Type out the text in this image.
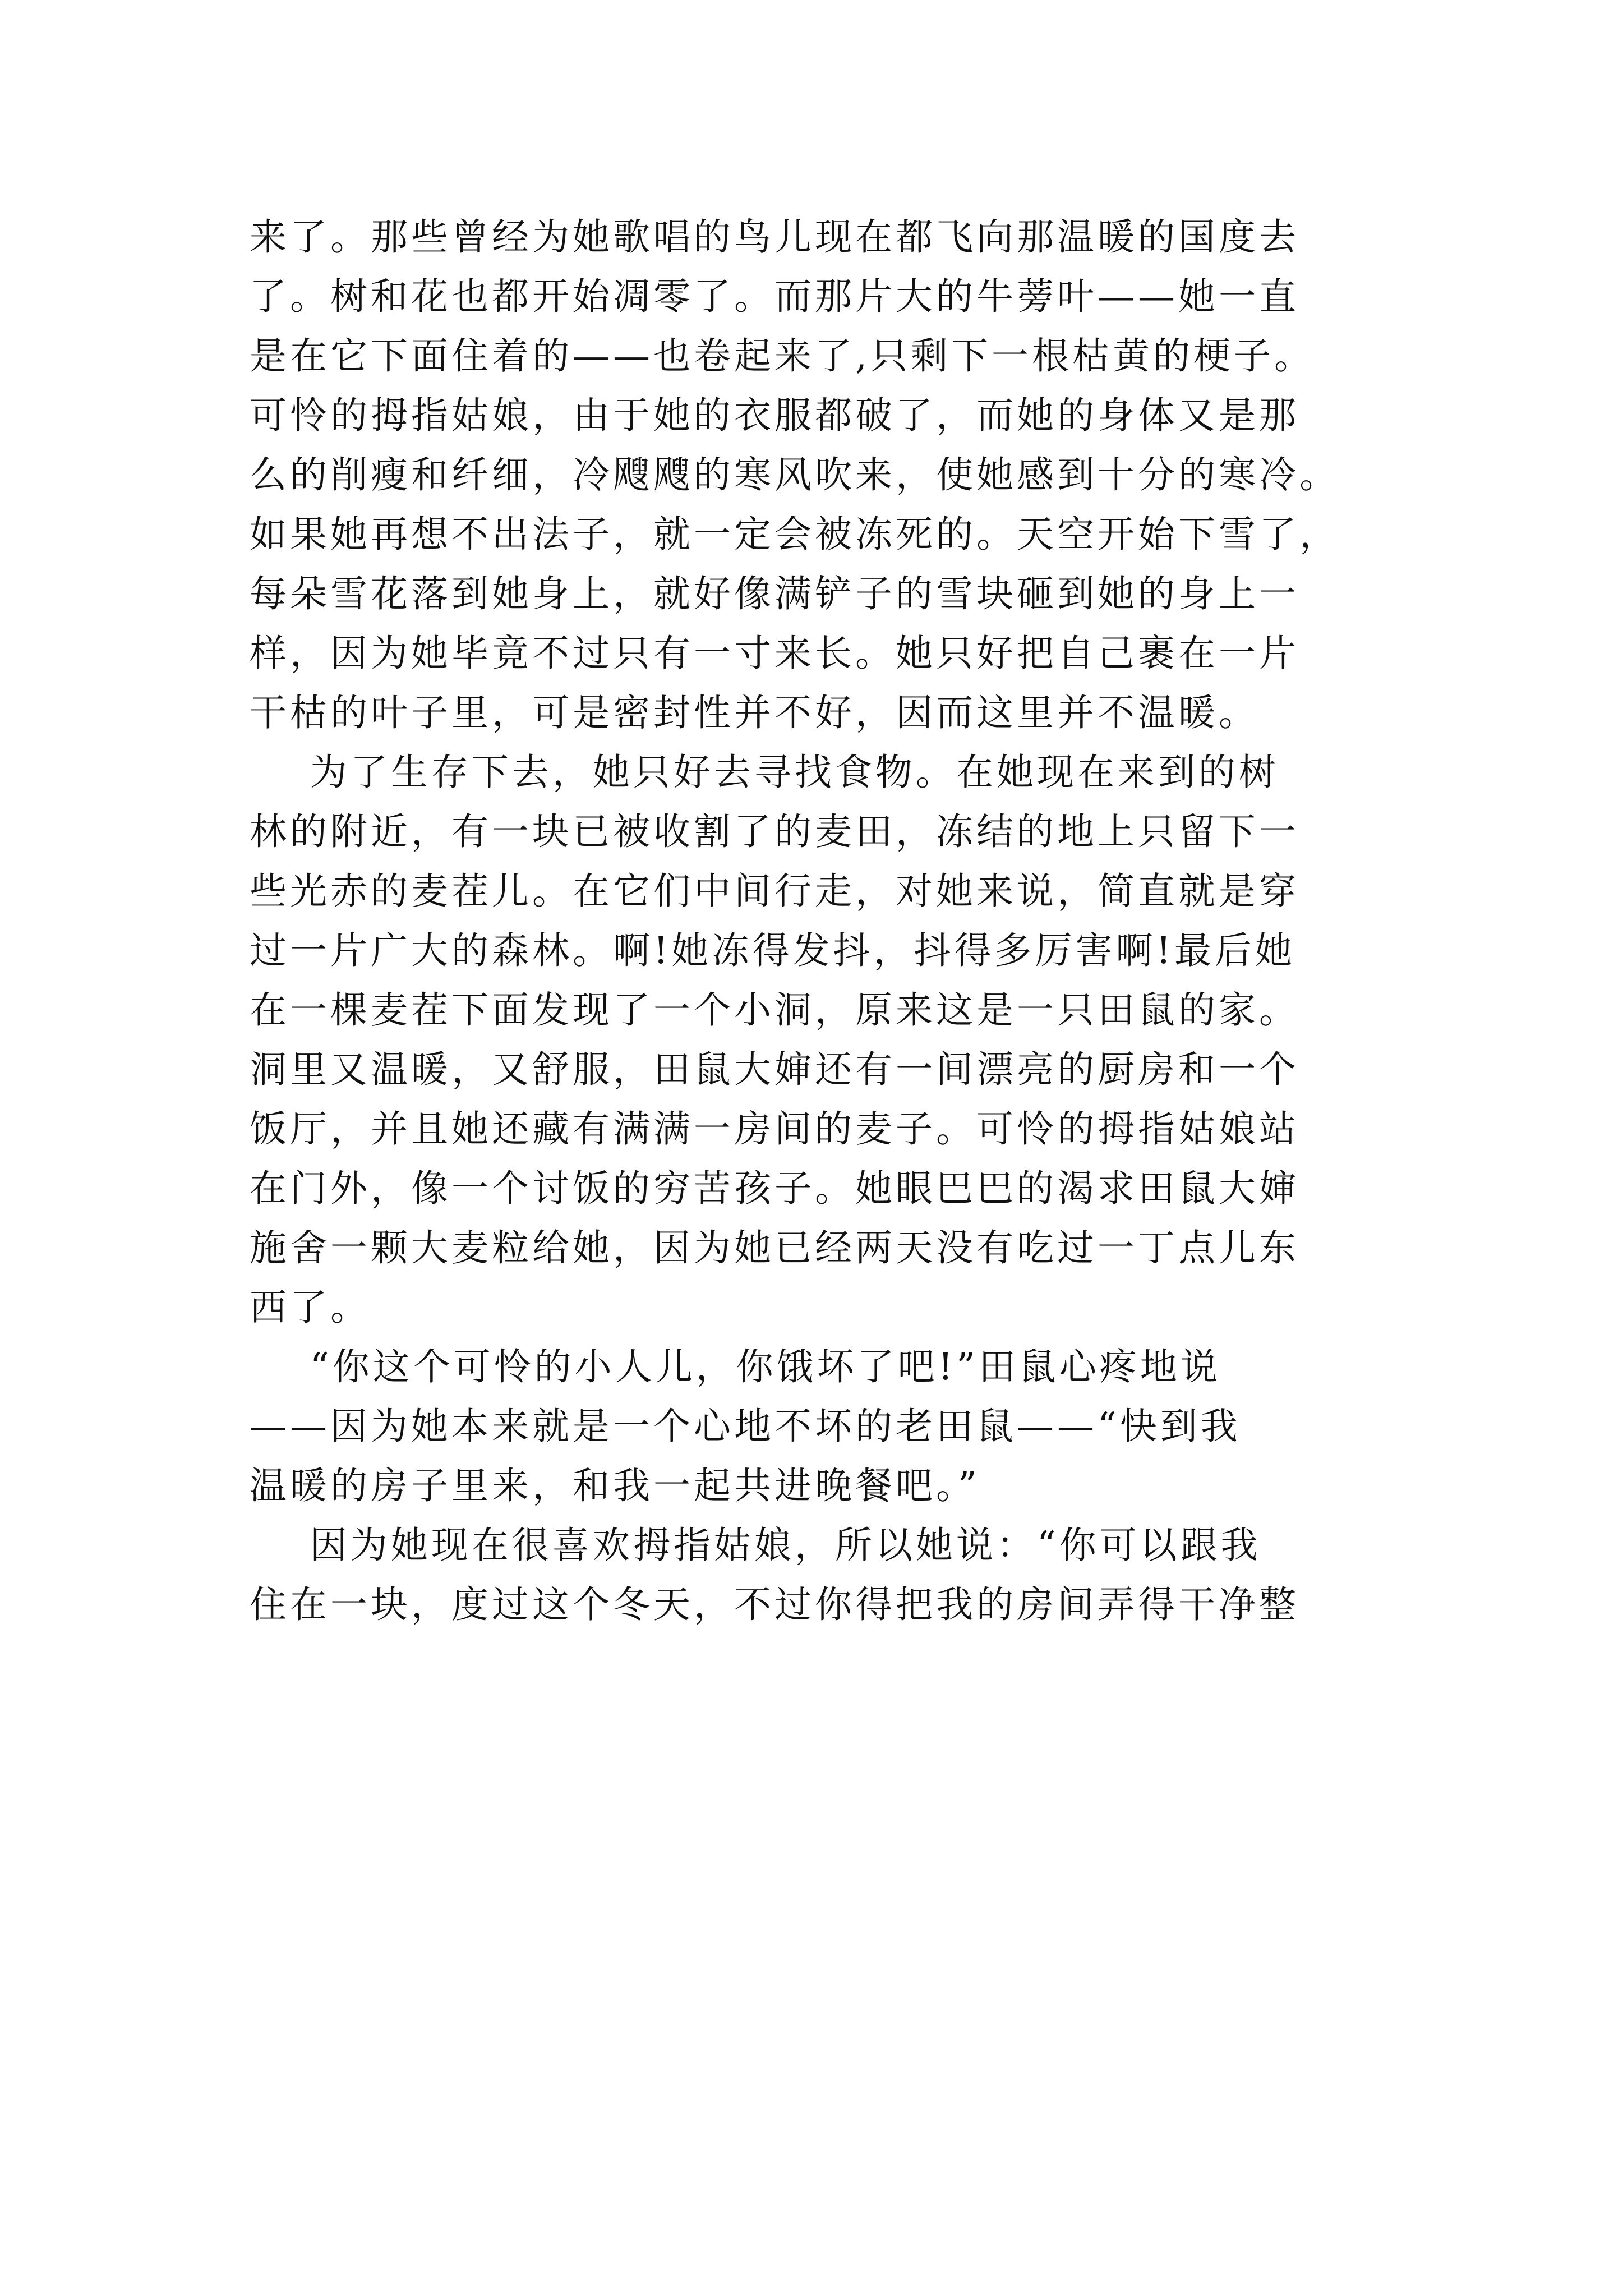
来了。那些曾经为她歌唱的鸟儿现在都飞向那温暖的国度去
了。树和花也都开始凋零了。而那片大的牛蒡叶——她一直
是在它下面住着的——也卷起来了,只剩下一根枯黄的梗子。
可怜的拇指姑娘，由于她的衣服都破了，而她的身体又是那
么的削瘦和纤细，冷飕飕的寒风吹来，使她感到十分的寒冷。
如果她再想不出法子，就一定会被冻死的。天空开始下雪了，
每朵雪花落到她身上，就好像满铲子的雪块砸到她的身上一
样，因为她毕竟不过只有一寸来长。她只好把自己裹在一片
干枯的叶子里，可是密封性并不好，因而这里并不温暖。
为了生存下去，她只好去寻找食物。在她现在来到的树
林的附近，有一块已被收割了的麦田，冻结的地上只留下一
些光赤的麦茬儿。在它们中间行走，对她来说，简直就是穿
过一片广大的森林。啊!她冻得发抖，抖得多厉害啊!最后她
在一棵麦茬下面发现了一个小洞，原来这是一只田鼠的家。
洞里又温暖，又舒服，田鼠大婶还有一间漂亮的厨房和一个
饭厅，并且她还藏有满满一房间的麦子。可怜的拇指姑娘站
在门外，像一个讨饭的穷苦孩子。她眼巴巴的渴求田鼠大婶
施舍一颗大麦粒给她，因为她已经两天没有吃过一丁点儿东
西了。
“你这个可怜的小人儿，你饿坏了吧!”田鼠心疼地说
——因为她本来就是一个心地不坏的老田鼠——“快到我
温暖的房子里来，和我一起共进晚餐吧。”
因为她现在很喜欢拇指姑娘，所以她说：“你可以跟我
住在一块，度过这个冬天，不过你得把我的房间弄得干净整
